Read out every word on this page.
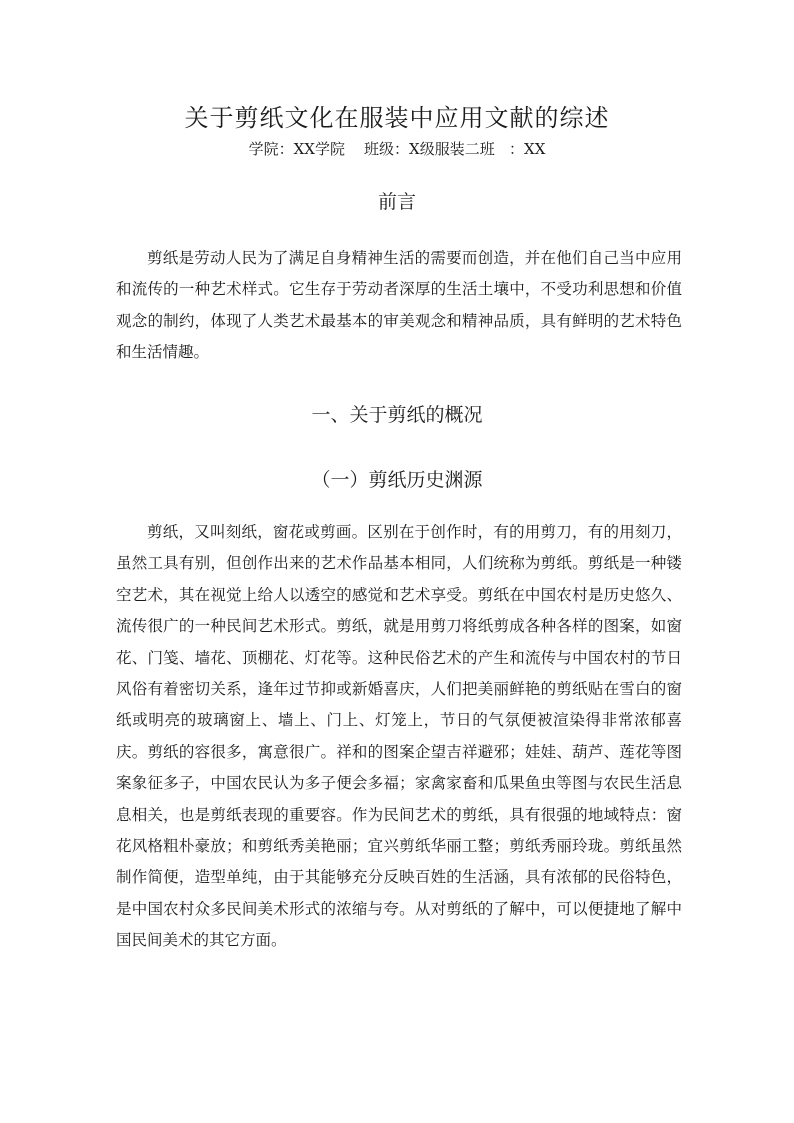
关于剪纸文化在服装中应用文献的综述
学院：XX学院    班级：X级服装二班   ：XX
前言

剪纸是劳动人民为了满足自身精神生活的需要而创造，并在他们自己当中应用和流传的一种艺术样式。它生存于劳动者深厚的生活土壤中，不受功利思想和价值观念的制约，体现了人类艺术最基本的审美观念和精神品质，具有鲜明的艺术特色和生活情趣。

一、关于剪纸的概况
（一）剪纸历史渊源

剪纸，又叫刻纸，窗花或剪画。区别在于创作时，有的用剪刀，有的用刻刀，虽然工具有别，但创作出来的艺术作品基本相同，人们统称为剪纸。剪纸是一种镂空艺术，其在视觉上给人以透空的感觉和艺术享受。剪纸在中国农村是历史悠久、流传很广的一种民间艺术形式。剪纸，就是用剪刀将纸剪成各种各样的图案，如窗花、门笺、墙花、顶棚花、灯花等。这种民俗艺术的产生和流传与中国农村的节日风俗有着密切关系，逢年过节抑或新婚喜庆，人们把美丽鲜艳的剪纸贴在雪白的窗纸或明亮的玻璃窗上、墙上、门上、灯笼上，节日的气氛便被渲染得非常浓郁喜庆。剪纸的容很多，寓意很广。祥和的图案企望吉祥避邪；娃娃、葫芦、莲花等图案象征多子，中国农民认为多子便会多福；家禽家畜和瓜果鱼虫等图与农民生活息息相关，也是剪纸表现的重要容。作为民间艺术的剪纸，具有很强的地域特点：窗花风格粗朴豪放；和剪纸秀美艳丽；宜兴剪纸华丽工整；剪纸秀丽玲珑。剪纸虽然制作简便，造型单纯，由于其能够充分反映百姓的生活涵，具有浓郁的民俗特色，是中国农村众多民间美术形式的浓缩与夸。从对剪纸的了解中，可以便捷地了解中国民间美术的其它方面。
